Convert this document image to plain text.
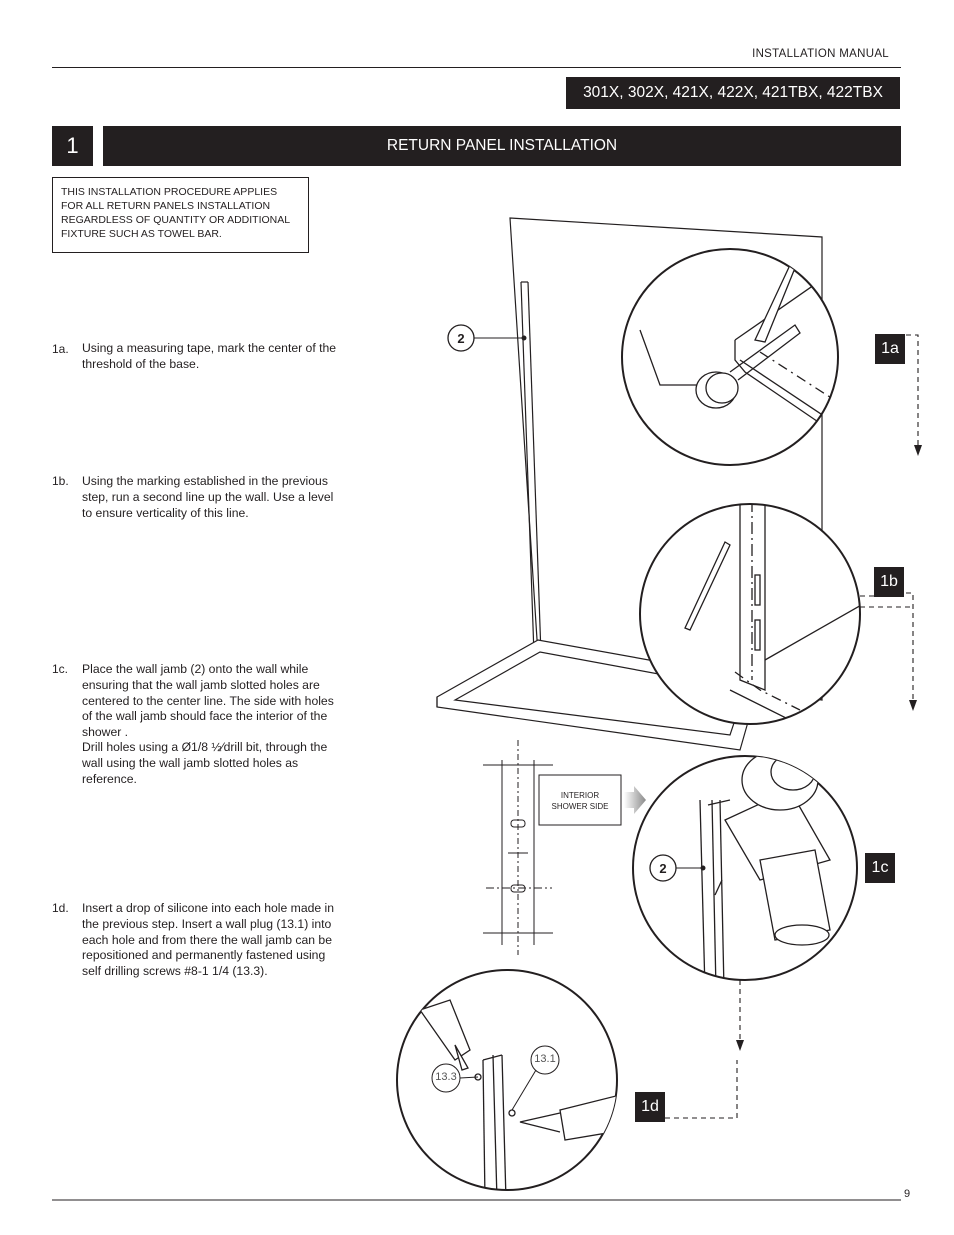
INSTALLATION MANUAL
301X, 302X, 421X, 422X, 421TBX, 422TBX
1	RETURN PANEL INSTALLATION
THIS INSTALLATION PROCEDURE APPLIES FOR ALL RETURN PANELS INSTALLATION REGARDLESS OF QUANTITY OR ADDITIONAL FIXTURE SUCH AS TOWEL BAR.
1a. Using a measuring tape, mark the center of the threshold of the base.
1b. Using the marking established in the previous step, run a second line up the wall. Use a level to ensure verticality of this line.
1c. Place the wall jamb (2) onto the wall while ensuring that the wall jamb slotted holes are centered to the center line. The side with holes of the wall jamb should face the interior of the shower .
Drill holes using a Ø1/8 ½⁄drill bit, through the wall using the wall jamb slotted holes as reference.
1d. Insert a drop of silicone into each hole made in the previous step. Insert a wall plug (13.1) into each hole and from there the wall jamb can be repositioned and permanently fastened using self drilling screws #8-1 1/4 (13.3).
2
2
13.1
13.3
INTERIOR
SHOWER SIDE
1a
1b
1c
1d
9
